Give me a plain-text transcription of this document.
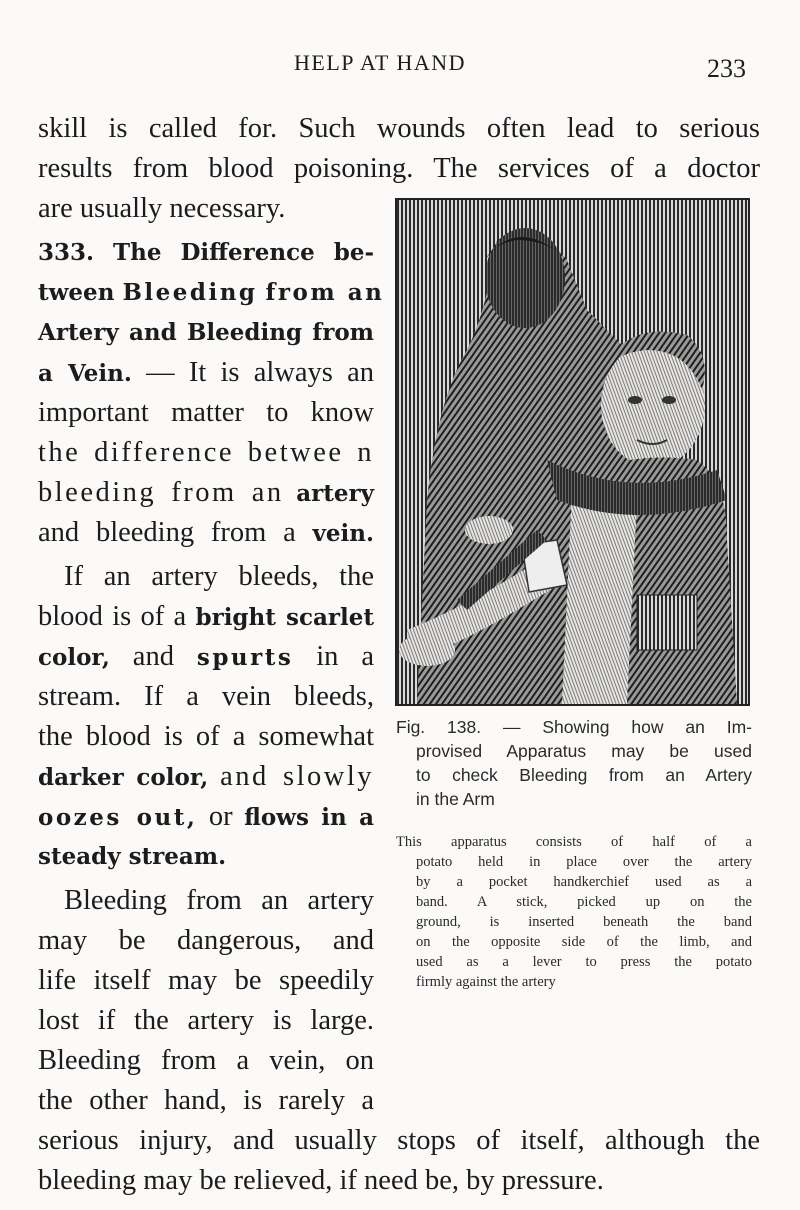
HELP AT HAND	233
skill is called for. Such wounds often lead to serious
results from blood poisoning. The services of a doctor
are usually necessary.
333. The Difference be-
tween Bleeding from an
Artery and Bleeding from
a Vein. — It is always an
important matter to know
the difference betwee n
bleeding from an artery
and bleeding from a vein.
If an artery bleeds, the
blood is of a bright scarlet
color, and spurts in a
stream. If a vein bleeds,
the blood is of a somewhat
darker color, and slowly
oozes out, or flows in a
steady stream.
Bleeding from an artery
may be dangerous, and
life itself may be speedily
lost if the artery is large.
Bleeding from a vein, on
the other hand, is rarely a
serious injury, and usually stops of itself, although the
bleeding may be relieved, if need be, by pressure.
Fig. 138. — Showing how an Im-
provised Apparatus may be used
to check Bleeding from an Artery
in the Arm
This apparatus consists of half of a
potato held in place over the artery
by a pocket handkerchief used as a
band. A stick, picked up on the
ground, is inserted beneath the band
on the opposite side of the limb, and
used as a lever to press the potato
firmly against the artery
